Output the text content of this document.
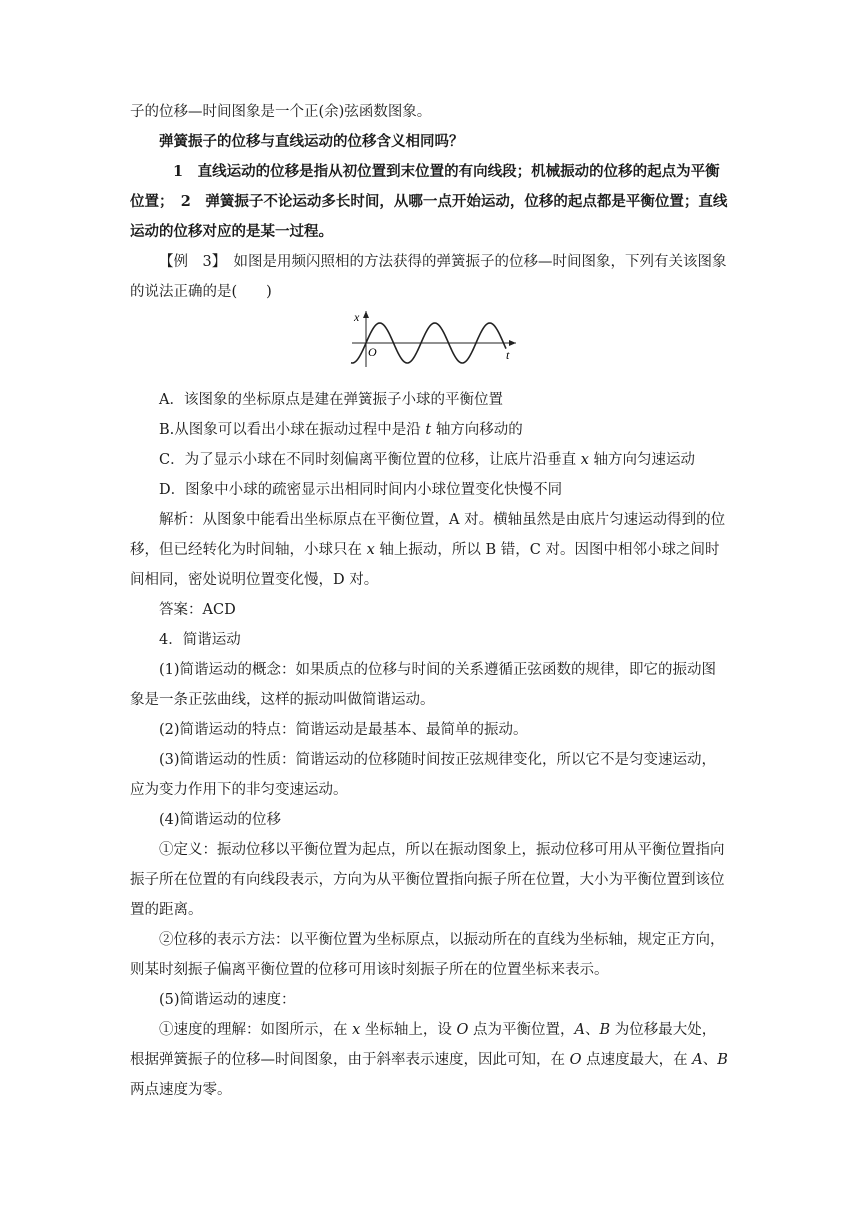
子的位移—时间图象是一个正(余)弦函数图象。

弹簧振子的位移与直线运动的位移含义相同吗？

1　直线运动的位移是指从初位置到末位置的有向线段；机械振动的位移的起点为平衡位置；　2　弹簧振子不论运动多长时间，从哪一点开始运动，位移的起点都是平衡位置；直线运动的位移对应的是某一过程。

【例　3】　 如图是用频闪照相的方法获得的弹簧振子的位移—时间图象，下列有关该图象的说法正确的是(　　)

x
t
O

A．该图象的坐标原点是建在弹簧振子小球的平衡位置

B.从图象可以看出小球在振动过程中是沿 t 轴方向移动的

C．为了显示小球在不同时刻偏离平衡位置的位移，让底片沿垂直 x 轴方向匀速运动

D．图象中小球的疏密显示出相同时间内小球位置变化快慢不同

解析：从图象中能看出坐标原点在平衡位置，A 对。横轴虽然是由底片匀速运动得到的位移，但已经转化为时间轴，小球只在 x 轴上振动，所以 B 错，C 对。因图中相邻小球之间时间相同，密处说明位置变化慢，D 对。

答案：ACD

4．简谐运动

(1)简谐运动的概念：如果质点的位移与时间的关系遵循正弦函数的规律，即它的振动图象是一条正弦曲线，这样的振动叫做简谐运动。

(2)简谐运动的特点：简谐运动是最基本、最简单的振动。

(3)简谐运动的性质：简谐运动的位移随时间按正弦规律变化，所以它不是匀变速运动，应为变力作用下的非匀变速运动。

(4)简谐运动的位移

①定义：振动位移以平衡位置为起点，所以在振动图象上，振动位移可用从平衡位置指向振子所在位置的有向线段表示，方向为从平衡位置指向振子所在位置，大小为平衡位置到该位置的距离。

②位移的表示方法：以平衡位置为坐标原点，以振动所在的直线为坐标轴，规定正方向，则某时刻振子偏离平衡位置的位移可用该时刻振子所在的位置坐标来表示。

(5)简谐运动的速度：

①速度的理解：如图所示，在 x 坐标轴上，设 O 点为平衡位置，A、B 为位移最大处，根据弹簧振子的位移—时间图象，由于斜率表示速度，因此可知，在 O 点速度最大，在 A、B 两点速度为零。
